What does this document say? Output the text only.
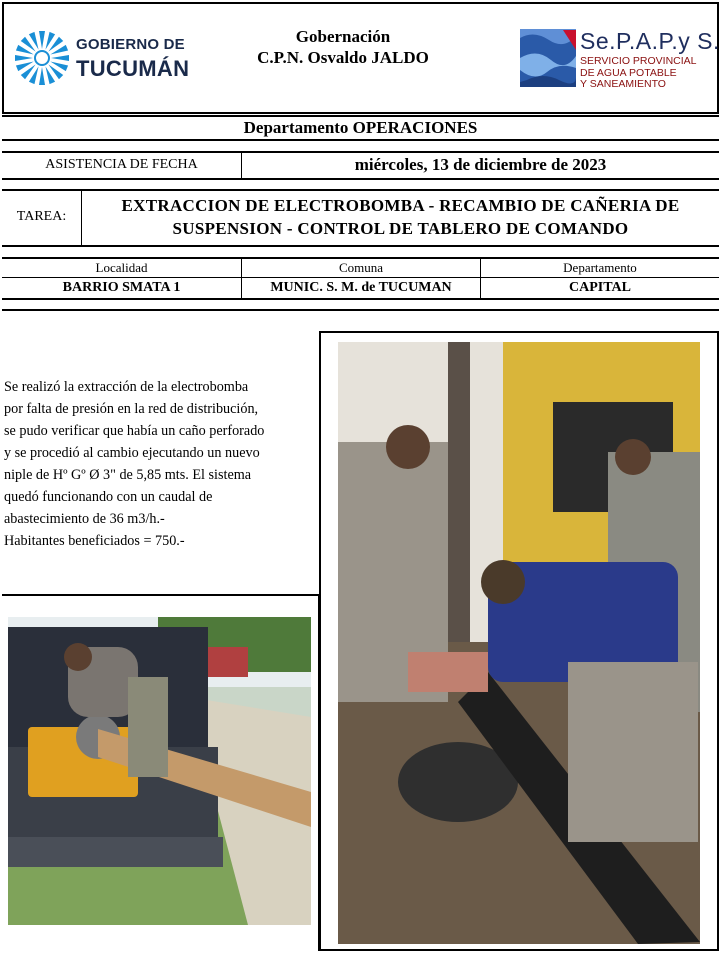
GOBIERNO DE
TUCUMÁN
Gobernación
C.P.N. Osvaldo JALDO
Se.P.A.P.y S.
SERVICIO PROVINCIAL
DE AGUA POTABLE
Y SANEAMIENTO
Departamento OPERACIONES
ASISTENCIA DE FECHA	miércoles, 13 de diciembre de 2023
TAREA:
EXTRACCION DE ELECTROBOMBA - RECAMBIO DE CAÑERIA DE
SUSPENSION - CONTROL DE TABLERO DE COMANDO
Localidad	Comuna	Departamento
BARRIO SMATA 1	MUNIC. S. M. de TUCUMAN	CAPITAL
Se realizó la extracción de la electrobomba
por falta de presión en la red de distribución,
se pudo verificar que había un caño perforado
y se procedió al cambio ejecutando un nuevo
niple de Hº Gº Ø 3" de 5,85 mts. El sistema
quedó funcionando con un caudal de
abastecimiento de 36 m3/h.-
Habitantes beneficiados = 750.-
